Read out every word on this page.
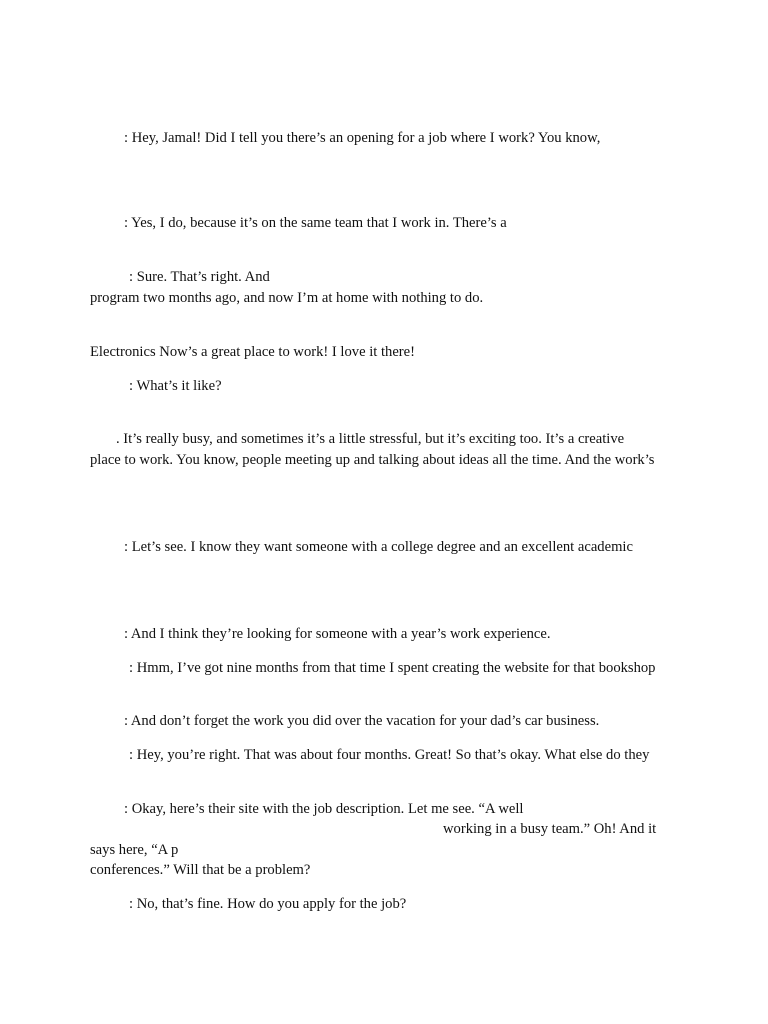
: Hey, Jamal! Did I tell you there’s an opening for a job where I work? You know,
: Yes, I do, because it’s on the same team that I work in. There’s a
: Sure. That’s right. And
program two months ago, and now I’m at home with nothing to do.
Electronics Now’s a great place to work! I love it there!
: What’s it like?
. It’s really busy, and sometimes it’s a little stressful, but it’s exciting too. It’s a creative
place to work. You know, people meeting up and talking about ideas all the time. And the work’s
: Let’s see. I know they want someone with a college degree and an excellent academic
: And I think they’re looking for someone with a year’s work experience.
: Hmm, I’ve got nine months from that time I spent creating the website for that bookshop
: And don’t forget the work you did over the vacation for your dad’s car business.
: Hey, you’re right. That was about four months. Great! So that’s okay. What else do they
: Okay, here’s their site with the job description. Let me see. “A well
working in a busy team.” Oh! And it
says here, “A p
conferences.” Will that be a problem?
: No, that’s fine. How do you apply for the job?
